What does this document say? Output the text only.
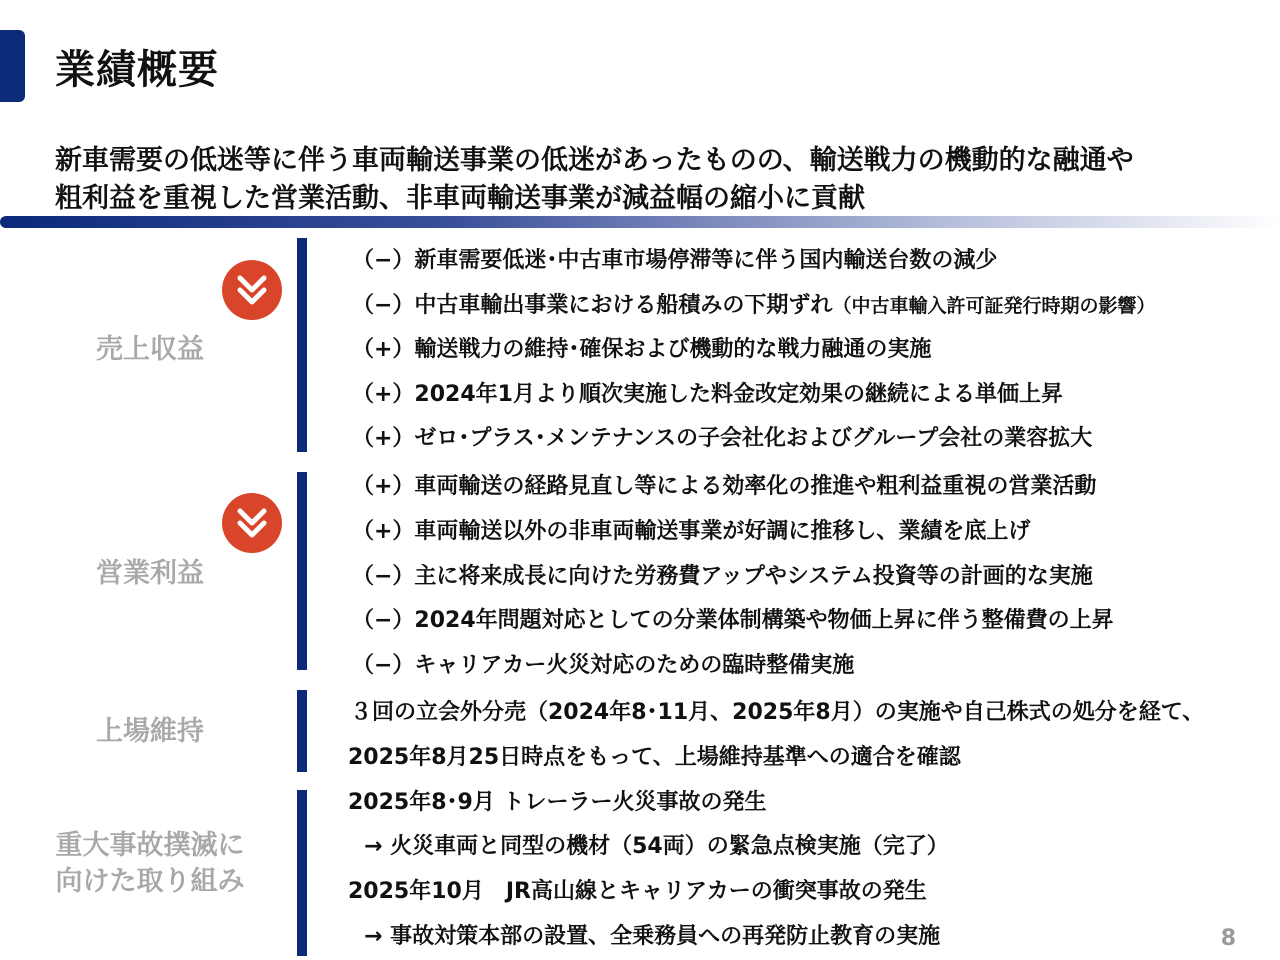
業績概要
新車需要の低迷等に伴う車両輸送事業の低迷があったものの、輸送戦力の機動的な融通や
粗利益を重視した営業活動、非車両輸送事業が減益幅の縮小に貢献
売上収益
（−）新車需要低迷･中古車市場停滞等に伴う国内輸送台数の減少
（−）中古車輸出事業における船積みの下期ずれ（中古車輸入許可証発行時期の影響）
（+）輸送戦力の維持･確保および機動的な戦力融通の実施
（+）2024年1月より順次実施した料金改定効果の継続による単価上昇
（+）ゼロ･プラス･メンテナンスの子会社化およびグループ会社の業容拡大
営業利益
（+）車両輸送の経路見直し等による効率化の推進や粗利益重視の営業活動
（+）車両輸送以外の非車両輸送事業が好調に推移し、業績を底上げ
（−）主に将来成長に向けた労務費アップやシステム投資等の計画的な実施
（−）2024年問題対応としての分業体制構築や物価上昇に伴う整備費の上昇
（−）キャリアカー火災対応のための臨時整備実施
上場維持
３回の立会外分売（2024年8･11月、2025年8月）の実施や自己株式の処分を経て、
2025年8月25日時点をもって、上場維持基準への適合を確認
重大事故撲滅に
向けた取り組み
2025年8･9月 トレーラー火災事故の発生
→ 火災車両と同型の機材（54両）の緊急点検実施（完了）
2025年10月　JR高山線とキャリアカーの衝突事故の発生
→ 事故対策本部の設置、全乗務員への再発防止教育の実施	8
